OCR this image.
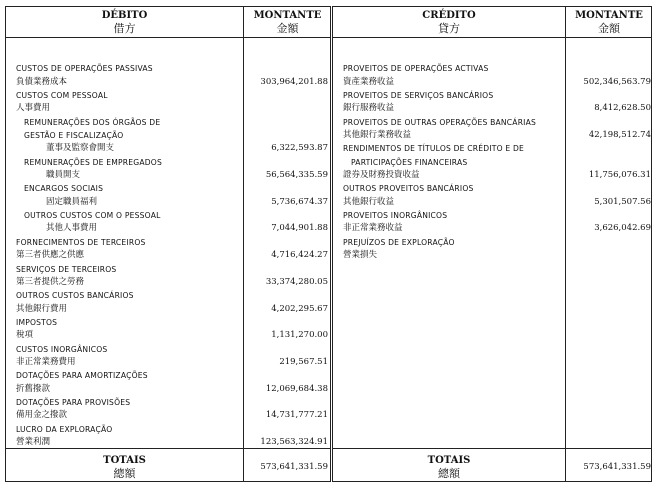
DÉBITO
借方
MONTANTE
金額
CUSTOS DE OPERAÇÕES PASSIVAS
負債業務成本	303,964,201.88
CUSTOS COM PESSOAL
人事費用
REMUNERAÇÕES DOS ÓRGÃOS DE
GESTÃO E FISCALIZAÇÃO
董事及監察會開支	6,322,593.87
REMUNERAÇÕES DE EMPREGADOS
職員開支	56,564,335.59
ENCARGOS SOCIAIS
固定職員福利	5,736,674.37
OUTROS CUSTOS COM O PESSOAL
其他人事費用	7,044,901.88
FORNECIMENTOS DE TERCEIROS
第三者供應之供應	4,716,424.27
SERVIÇOS DE TERCEIROS
第三者提供之勞務	33,374,280.05
OUTROS CUSTOS BANCÁRIOS
其他銀行費用	4,202,295.67
IMPOSTOS
稅項	1,131,270.00
CUSTOS INORGÂNICOS
非正常業務費用	219,567.51
DOTAÇÕES PARA AMORTIZAÇÕES
折舊撥款	12,069,684.38
DOTAÇÕES PARA PROVISÕES
備用金之撥款	14,731,777.21
LUCRO DA EXPLORAÇÃO
營業利潤	123,563,324.91
TOTAIS
總額	573,641,331.59
CRÉDITO
貸方
MONTANTE
金額
PROVEITOS DE OPERAÇÕES ACTIVAS
資產業務收益	502,346,563.79
PROVEITOS DE SERVIÇOS BANCÁRIOS
銀行服務收益	8,412,628.50
PROVEITOS DE OUTRAS OPERAÇÕES BANCÁRIAS
其他銀行業務收益	42,198,512.74
RENDIMENTOS DE TÍTULOS DE CRÉDITO E DE
PARTICIPAÇÕES FINANCEIRAS
證券及財務投資收益	11,756,076.31
OUTROS PROVEITOS BANCÁRIOS
其他銀行收益	5,301,507.56
PROVEITOS INORGÂNICOS
非正常業務收益	3,626,042.69
PREJUÍZOS DE EXPLORAÇÃO
營業損失
TOTAIS
總額	573,641,331.59
